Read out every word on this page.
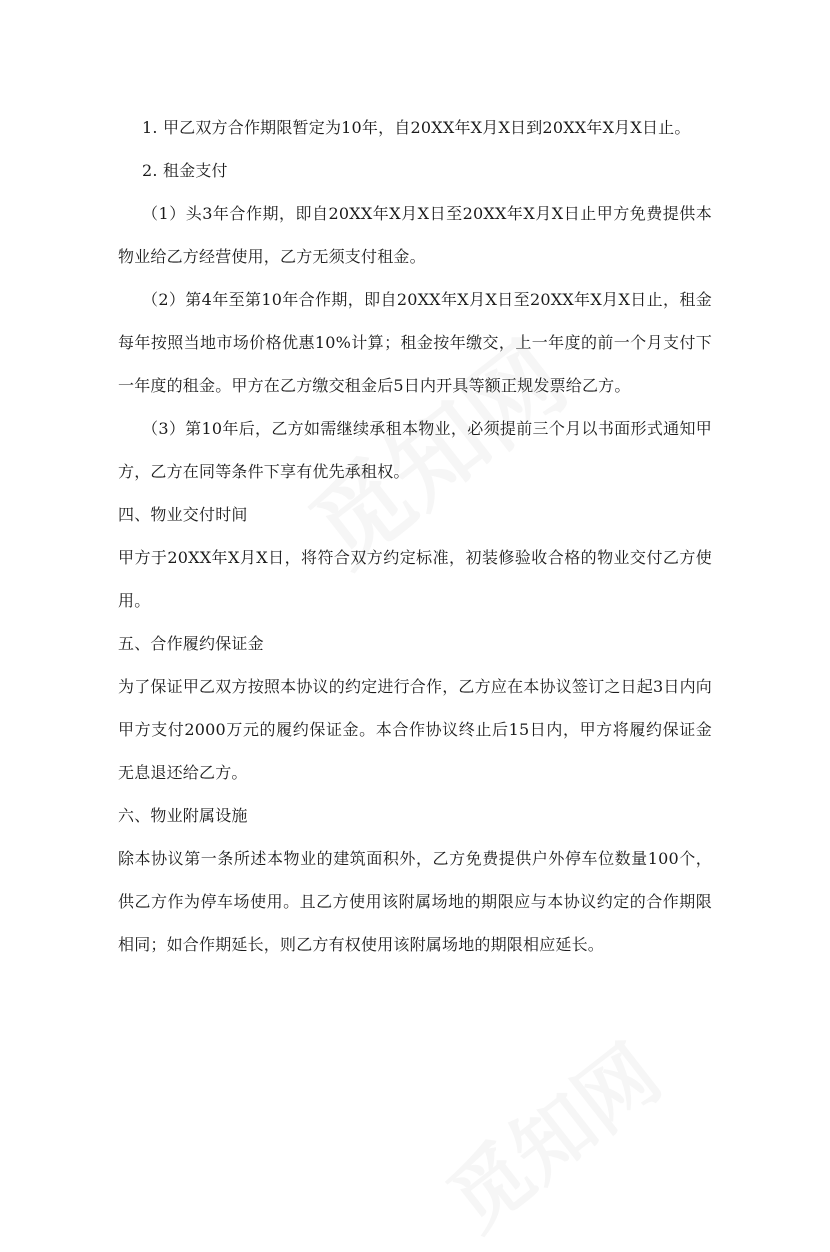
1. 甲乙双方合作期限暂定为10年，自20XX年X月X日到20XX年X月X日止。

2. 租金支付

（1）头3年合作期，即自20XX年X月X日至20XX年X月X日止甲方免费提供本物业给乙方经营使用，乙方无须支付租金。

（2）第4年至第10年合作期，即自20XX年X月X日至20XX年X月X日止，租金每年按照当地市场价格优惠10%计算；租金按年缴交，上一年度的前一个月支付下一年度的租金。甲方在乙方缴交租金后5日内开具等额正规发票给乙方。

（3）第10年后，乙方如需继续承租本物业，必须提前三个月以书面形式通知甲方，乙方在同等条件下享有优先承租权。

四、物业交付时间

甲方于20XX年X月X日，将符合双方约定标准，初装修验收合格的物业交付乙方使用。

五、合作履约保证金

为了保证甲乙双方按照本协议的约定进行合作，乙方应在本协议签订之日起3日内向甲方支付2000万元的履约保证金。本合作协议终止后15日内，甲方将履约保证金无息退还给乙方。

六、物业附属设施

除本协议第一条所述本物业的建筑面积外，乙方免费提供户外停车位数量100个，供乙方作为停车场使用。且乙方使用该附属场地的期限应与本协议约定的合作期限相同；如合作期延长，则乙方有权使用该附属场地的期限相应延长。
